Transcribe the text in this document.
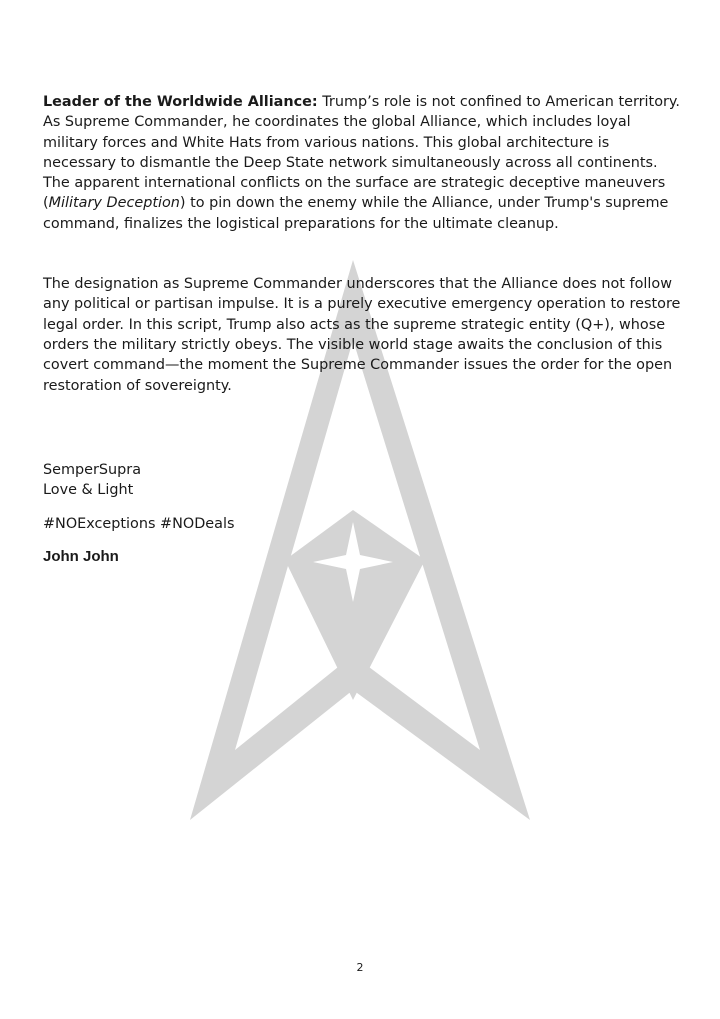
Leader of the Worldwide Alliance: Trump’s role is not confined to American territory. As Supreme Commander, he coordinates the global Alliance, which includes loyal military forces and White Hats from various nations. This global architecture is necessary to dismantle the Deep State network simultaneously across all continents. The apparent international conflicts on the surface are strategic deceptive maneuvers (Military Deception) to pin down the enemy while the Alliance, under Trump's supreme command, finalizes the logistical preparations for the ultimate cleanup.

The designation as Supreme Commander underscores that the Alliance does not follow any political or partisan impulse. It is a purely executive emergency operation to restore legal order. In this script, Trump also acts as the supreme strategic entity (Q+), whose orders the military strictly obeys. The visible world stage awaits the conclusion of this covert command—the moment the Supreme Commander issues the order for the open restoration of sovereignty.

SemperSupra

Love & Light

#NOExceptions #NODeals

John John

2
